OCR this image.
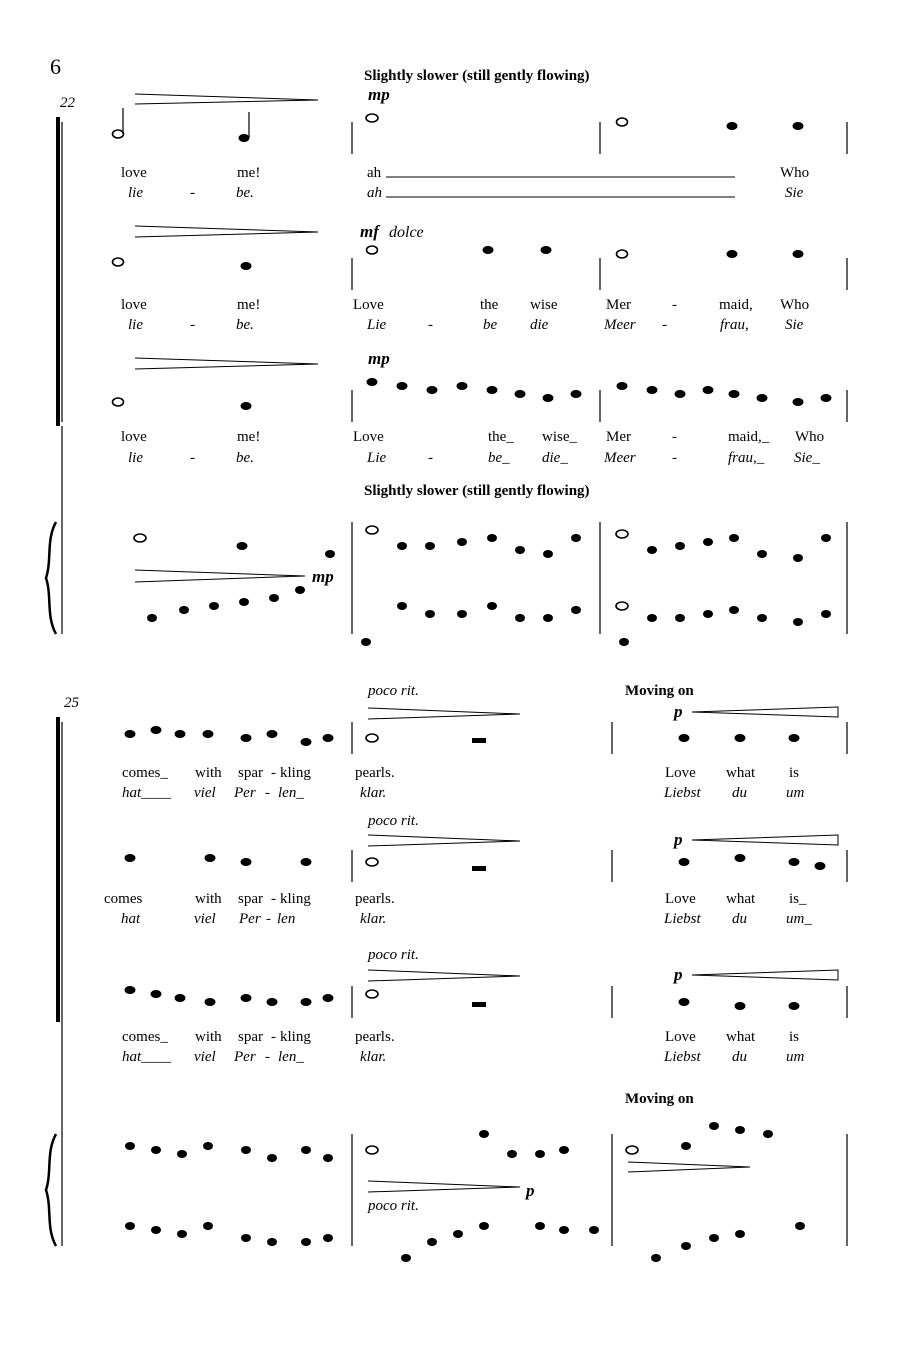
6
22
Slightly slower (still gently flowing)
mp
love	me!	ah	Who
lie	-	be.	ah	Sie
mf dolce
love	me!	Love	the wise	Mer	-	maid, Who
lie	-	be.	Lie	-	be die	Meer -	frau, Sie
mp
love	me!	Love	the_ wise_ Mer	-	maid,_ Who
lie	-	be.	Lie	-	be_ die_ Meer -	frau,_ Sie_
Slightly slower (still gently flowing)
mp
25
poco rit.	Moving on
p
comes_ with spar - kling	pearls.	Love what is
hat____ viel Per - len_	klar.	Liebst du	um
poco rit.
p
comes	with spar - kling	pearls.	Love what is_
hat	viel Per - len	klar.	Liebst du	um_
poco rit.
p
comes_ with spar - kling	pearls.	Love what is
hat____ viel Per - len_	klar.	Liebst du	um
Moving on
p
poco rit.
